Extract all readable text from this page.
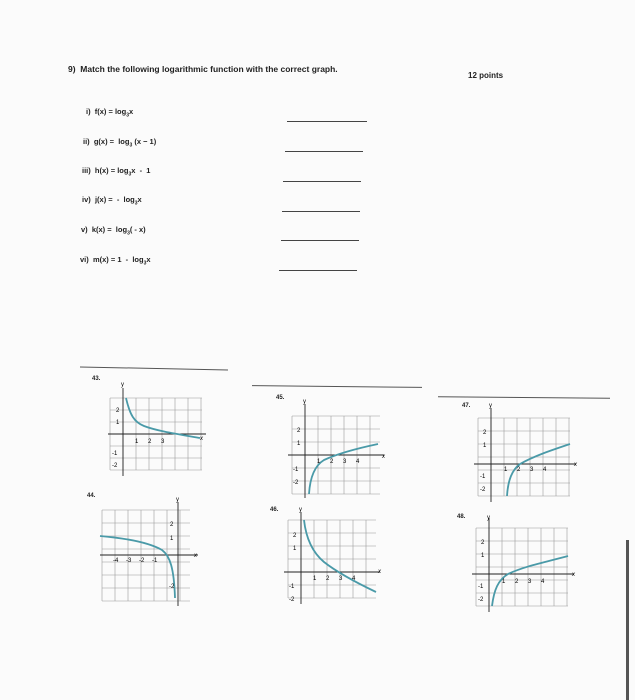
9) Match the following logarithmic function with the correct graph.
12 points
i) $f(x) = \log_3x$
ii) $g(x) = \log_3 (x - 1)$
iii) $h(x) = \log_3x - 1$
iv) j(x) =  -  $\log_3x$
v) $k(x) = \log_3( - x)$
vi) $m(x) = 1 - \log_3x$
43.
44.
45.
46.
47.
48.
y
2
1
1 2 3	x
-1
-2
y
2
1
-4 -3 -2 -1
x
-2
y
2
1
1 2 3 4
x
-1
-2
y
2
1
1 2 3 4
x
-1
-2
y
2
1
1 2 3 4
x
-1
-2
y
2
1
1 2 3 4
x
-1
-2
